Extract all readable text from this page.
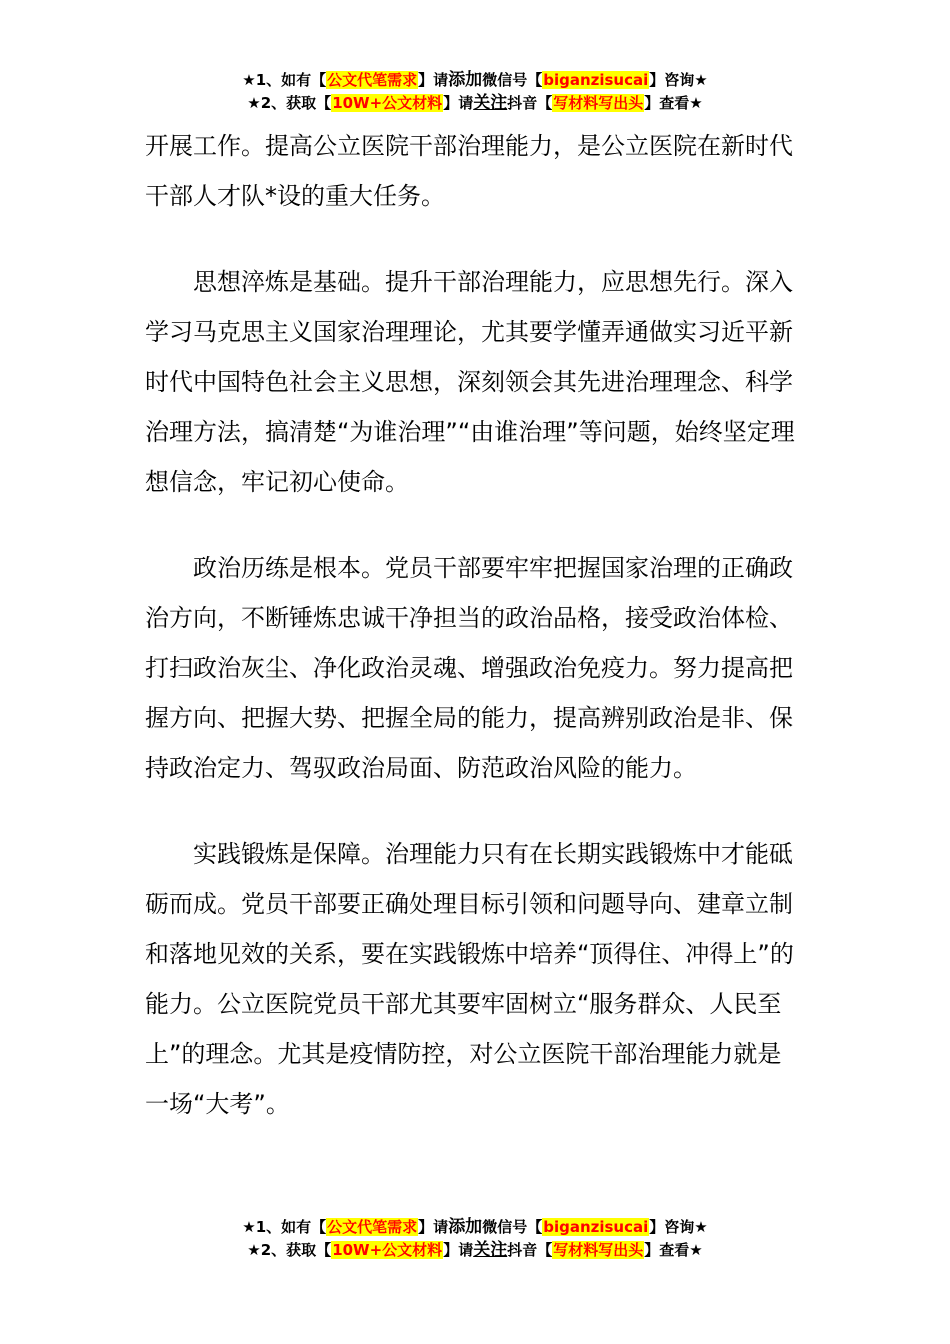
★1、如有【公文代笔需求】请添加微信号【biganzisucai】咨询★
★2、获取【10W+公文材料】请关注抖音【写材料写出头】查看★

开展工作。提高公立医院干部治理能力，是公立医院在新时代干部人才队*设的重大任务。

思想淬炼是基础。提升干部治理能力，应思想先行。深入学习马克思主义国家治理理论，尤其要学懂弄通做实习近平新时代中国特色社会主义思想，深刻领会其先进治理理念、科学治理方法，搞清楚“为谁治理”“由谁治理”等问题，始终坚定理想信念，牢记初心使命。

政治历练是根本。党员干部要牢牢把握国家治理的正确政治方向，不断锤炼忠诚干净担当的政治品格，接受政治体检、打扫政治灰尘、净化政治灵魂、增强政治免疫力。努力提高把握方向、把握大势、把握全局的能力，提高辨别政治是非、保持政治定力、驾驭政治局面、防范政治风险的能力。

实践锻炼是保障。治理能力只有在长期实践锻炼中才能砥砺而成。党员干部要正确处理目标引领和问题导向、建章立制和落地见效的关系，要在实践锻炼中培养“顶得住、冲得上”的能力。公立医院党员干部尤其要牢固树立“服务群众、人民至上”的理念。尤其是疫情防控，对公立医院干部治理能力就是一场“大考”。

★1、如有【公文代笔需求】请添加微信号【biganzisucai】咨询★
★2、获取【10W+公文材料】请关注抖音【写材料写出头】查看★
